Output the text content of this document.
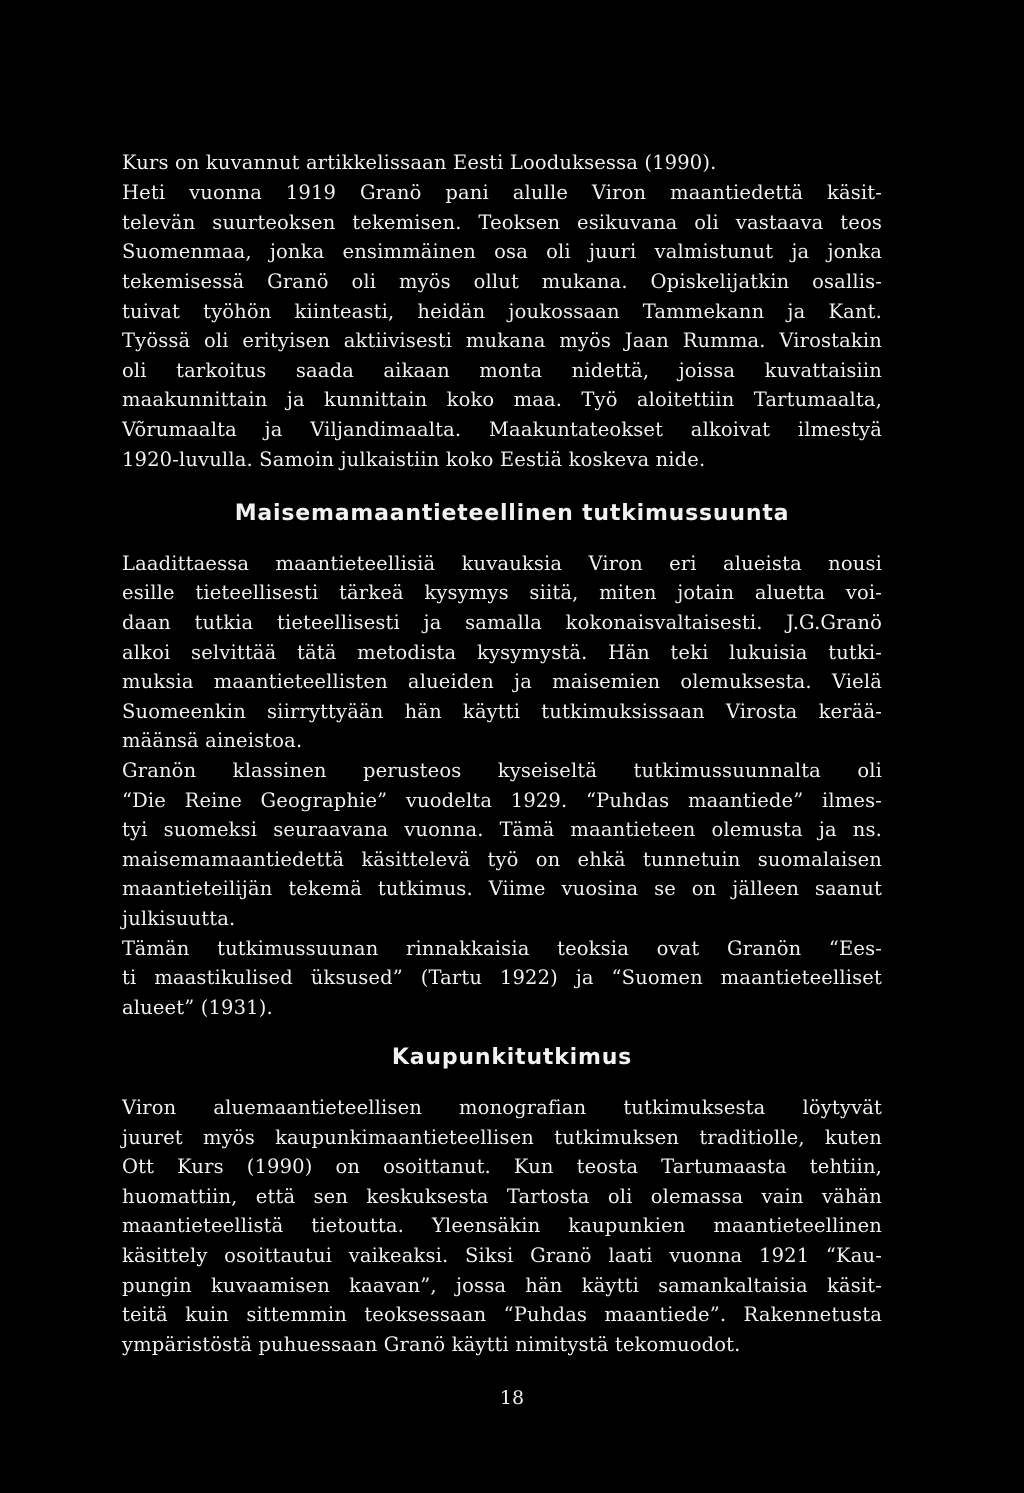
Kurs on kuvannut artikkelissaan Eesti Looduksessa (1990).
Heti vuonna 1919 Granö pani alulle Viron maantiedettä käsit-
televän suurteoksen tekemisen. Teoksen esikuvana oli vastaava teos
Suomenmaa, jonka ensimmäinen osa oli juuri valmistunut ja jonka
tekemisessä Granö oli myös ollut mukana. Opiskelijatkin osallis-
tuivat työhön kiinteasti, heidän joukossaan Tammekann ja Kant.
Työssä oli erityisen aktiivisesti mukana myös Jaan Rumma. Virostakin
oli tarkoitus saada aikaan monta nidettä, joissa kuvattaisiin
maakunnittain ja kunnittain koko maa. Työ aloitettiin Tartumaalta,
Võrumaalta ja Viljandimaalta. Maakuntateokset alkoivat ilmestyä
1920-luvulla. Samoin julkaistiin koko Eestiä koskeva nide.
Maisemamaantieteellinen tutkimussuunta
Laadittaessa maantieteellisiä kuvauksia Viron eri alueista nousi
esille tieteellisesti tärkeä kysymys siitä, miten jotain aluetta voi-
daan tutkia tieteellisesti ja samalla kokonaisvaltaisesti. J.G.Granö
alkoi selvittää tätä metodista kysymystä. Hän teki lukuisia tutki-
muksia maantieteellisten alueiden ja maisemien olemuksesta. Vielä
Suomeenkin siirryttyään hän käytti tutkimuksissaan Virosta kerää-
määnsä aineistoa.
Granön klassinen perusteos kyseiseltä tutkimussuunnalta oli
“Die Reine Geographie” vuodelta 1929. “Puhdas maantiede” ilmes-
tyi suomeksi seuraavana vuonna. Tämä maantieteen olemusta ja ns.
maisemamaantiedettä käsittelevä työ on ehkä tunnetuin suomalaisen
maantieteilijän tekemä tutkimus. Viime vuosina se on jälleen saanut
julkisuutta.
Tämän tutkimussuunan rinnakkaisia teoksia ovat Granön “Ees-
ti maastikulised üksused” (Tartu 1922) ja “Suomen maantieteelliset
alueet” (1931).
Kaupunkitutkimus
Viron aluemaantieteellisen monografian tutkimuksesta löytyvät
juuret myös kaupunkimaantieteellisen tutkimuksen traditiolle, kuten
Ott Kurs (1990) on osoittanut. Kun teosta Tartumaasta tehtiin,
huomattiin, että sen keskuksesta Tartosta oli olemassa vain vähän
maantieteellistä tietoutta. Yleensäkin kaupunkien maantieteellinen
käsittely osoittautui vaikeaksi. Siksi Granö laati vuonna 1921 “Kau-
pungin kuvaamisen kaavan”, jossa hän käytti samankaltaisia käsit-
teitä kuin sittemmin teoksessaan “Puhdas maantiede”. Rakennetusta
ympäristöstä puhuessaan Granö käytti nimitystä tekomuodot.
18
